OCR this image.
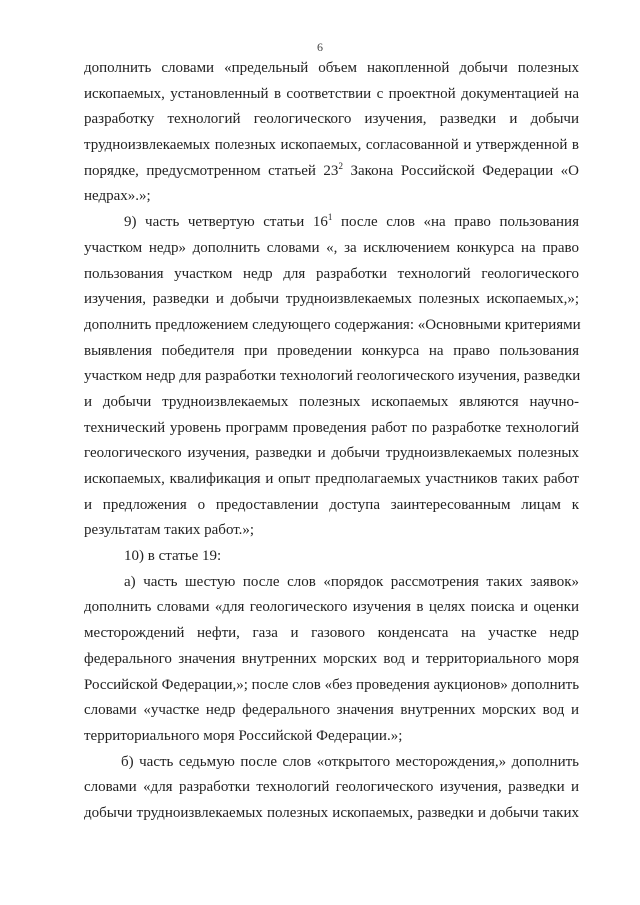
6
дополнить словами «предельный объем накопленной добычи полезных
ископаемых, установленный в соответствии с проектной документацией на
разработку технологий геологического изучения, разведки и добычи
трудноизвлекаемых полезных ископаемых, согласованной и утвержденной в
порядке, предусмотренном статьей $23^2$ Закона Российской Федерации «О
недрах».»;
9) часть четвертую статьи $16^1$ после слов «на право пользования
участком недр» дополнить словами «, за исключением конкурса на право
пользования участком недр для разработки технологий геологического
изучения, разведки и добычи трудноизвлекаемых полезных ископаемых,»;
дополнить предложением следующего содержания: «Основными критериями
выявления победителя при проведении конкурса на право пользования
участком недр для разработки технологий геологического изучения, разведки
и добычи трудноизвлекаемых полезных ископаемых являются научно-
технический уровень программ проведения работ по разработке технологий
геологического изучения, разведки и добычи трудноизвлекаемых полезных
ископаемых, квалификация и опыт предполагаемых участников таких работ
и предложения о предоставлении доступа заинтересованным лицам к
результатам таких работ.»;
10) в статье 19:
а) часть шестую после слов «порядок рассмотрения таких заявок»
дополнить словами «для геологического изучения в целях поиска и оценки
месторождений нефти, газа и газового конденсата на участке недр
федерального значения внутренних морских вод и территориального моря
Российской Федерации,»; после слов «без проведения аукционов» дополнить
словами «участке недр федерального значения внутренних морских вод и
территориального моря Российской Федерации.»;
б) часть седьмую после слов «открытого месторождения,» дополнить
словами «для разработки технологий геологического изучения, разведки и
добычи трудноизвлекаемых полезных ископаемых, разведки и добычи таких
